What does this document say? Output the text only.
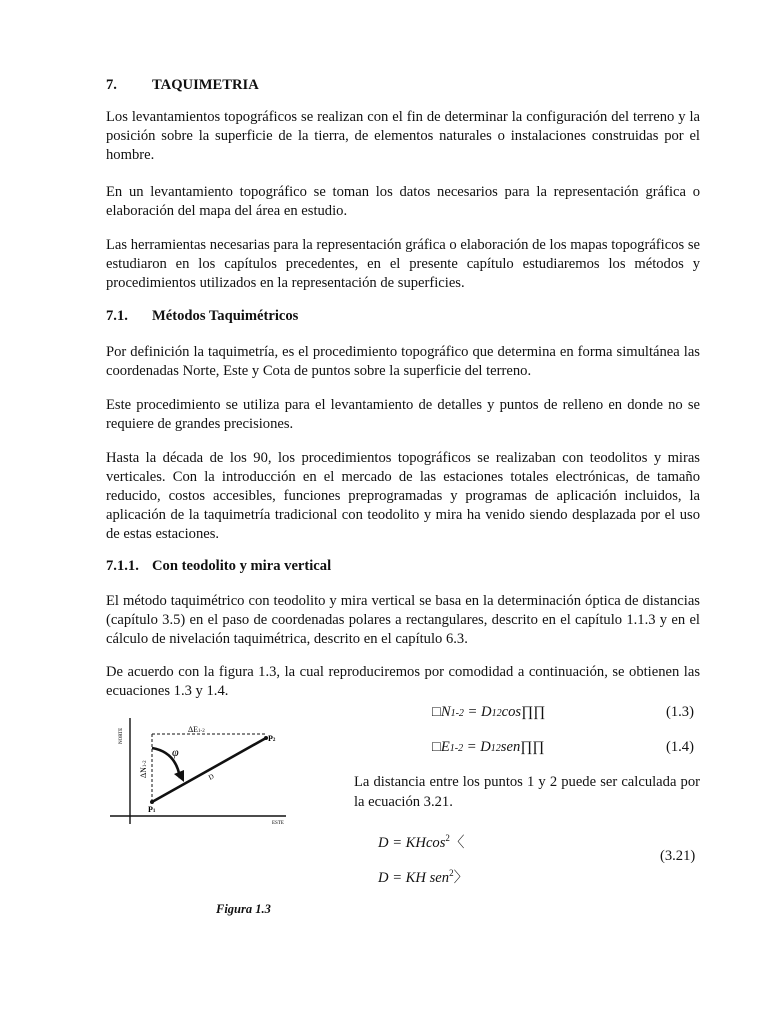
7. TAQUIMETRIA
Los levantamientos topográficos se realizan con el fin de determinar la configuración del terreno y la posición sobre la superficie de la tierra, de elementos naturales o instalaciones construidas por el hombre.
En un levantamiento topográfico se toman los datos necesarios para la representación gráfica o elaboración del mapa del área en estudio.
Las herramientas necesarias para la representación gráfica o elaboración de los mapas topográficos se estudiaron en los capítulos precedentes, en el presente capítulo estudiaremos los métodos y procedimientos utilizados en la representación de superficies.
7.1. Métodos Taquimétricos
Por definición la taquimetría, es el procedimiento topográfico que determina en forma simultánea las coordenadas Norte, Este y Cota de puntos sobre la superficie del terreno.
Este procedimiento se utiliza para el levantamiento de detalles y puntos de relleno en donde no se requiere de grandes precisiones.
Hasta la década de los 90, los procedimientos topográficos se realizaban con teodolitos y miras verticales. Con la introducción en el mercado de las estaciones totales electrónicas, de tamaño reducido, costos accesibles, funciones preprogramadas y programas de aplicación incluidos, la aplicación de la taquimetría tradicional con teodolito y mira ha venido siendo desplazada por el uso de estas estaciones.
7.1.1. Con teodolito y mira vertical
El método taquimétrico con teodolito y mira vertical se basa en la determinación óptica de distancias (capítulo 3.5) en el paso de coordenadas polares a rectangulares, descrito en el capítulo 1.1.3 y en el cálculo de nivelación taquimétrica, descrito en el capítulo 6.3.
De acuerdo con la figura 1.3, la cual reproduciremos por comodidad a continuación, se obtienen las ecuaciones 1.3 y 1.4.
□N1-2 = D12cos∏∏	(1.3)
□E1-2 = D12sen∏∏	(1.4)
La distancia entre los puntos 1 y 2 puede ser calculada por la ecuación 3.21.
D = KHcos$^2$〈
D = KH sen$^2$〉
(3.21)
NORTE
ESTE
ΔE1-2
ΔN1-2
φ
D
P1
P2
Figura 1.3
